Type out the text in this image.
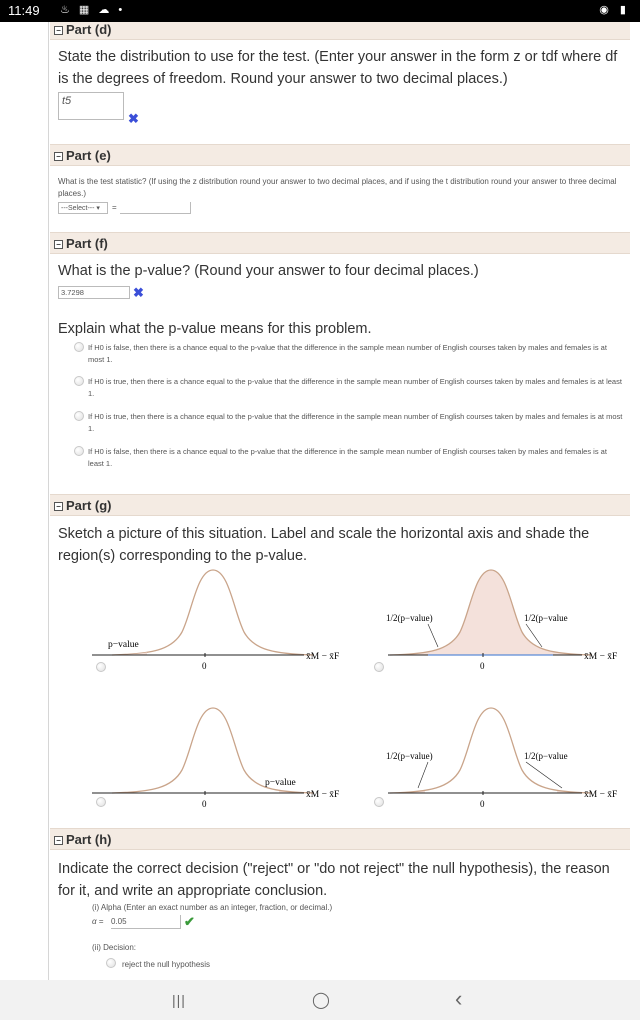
11:49 ♨ ▦ ☁ •	◉ ▮
− Part (d)
State the distribution to use for the test. (Enter your answer in the form z or tdf where df is the degrees of freedom. Round your answer to two decimal places.)
t5
✖
− Part (e)
What is the test statistic? (If using the z distribution round your answer to two decimal places, and if using the t distribution round your answer to three decimal places.)
---Select--- ▾	=
− Part (f)
What is the p-value? (Round your answer to four decimal places.)
3.7298	✖
Explain what the p-value means for this problem.
If H0 is false, then there is a chance equal to the p-value that the difference in the sample mean number of English courses taken by males and females is at most 1.
If H0 is true, then there is a chance equal to the p-value that the difference in the sample mean number of English courses taken by males and females is at least 1.
If H0 is true, then there is a chance equal to the p-value that the difference in the sample mean number of English courses taken by males and females is at most 1.
If H0 is false, then there is a chance equal to the p-value that the difference in the sample mean number of English courses taken by males and females is at least 1.
− Part (g)
Sketch a picture of this situation. Label and scale the horizontal axis and shade the region(s) corresponding to the p-value.
p−value
0
x̄M − x̄F
1/2(p−value)	1/2(p−value
0
x̄M − x̄F
p−value
0
x̄M − x̄F
1/2(p−value)	1/2(p−value
0
x̄M − x̄F
− Part (h)
Indicate the correct decision ("reject" or "do not reject" the null hypothesis), the reason for it, and write an appropriate conclusion.
(i) Alpha (Enter an exact number as an integer, fraction, or decimal.)
α = 0.05	✔
(ii) Decision:
reject the null hypothesis
|||	◯	‹
